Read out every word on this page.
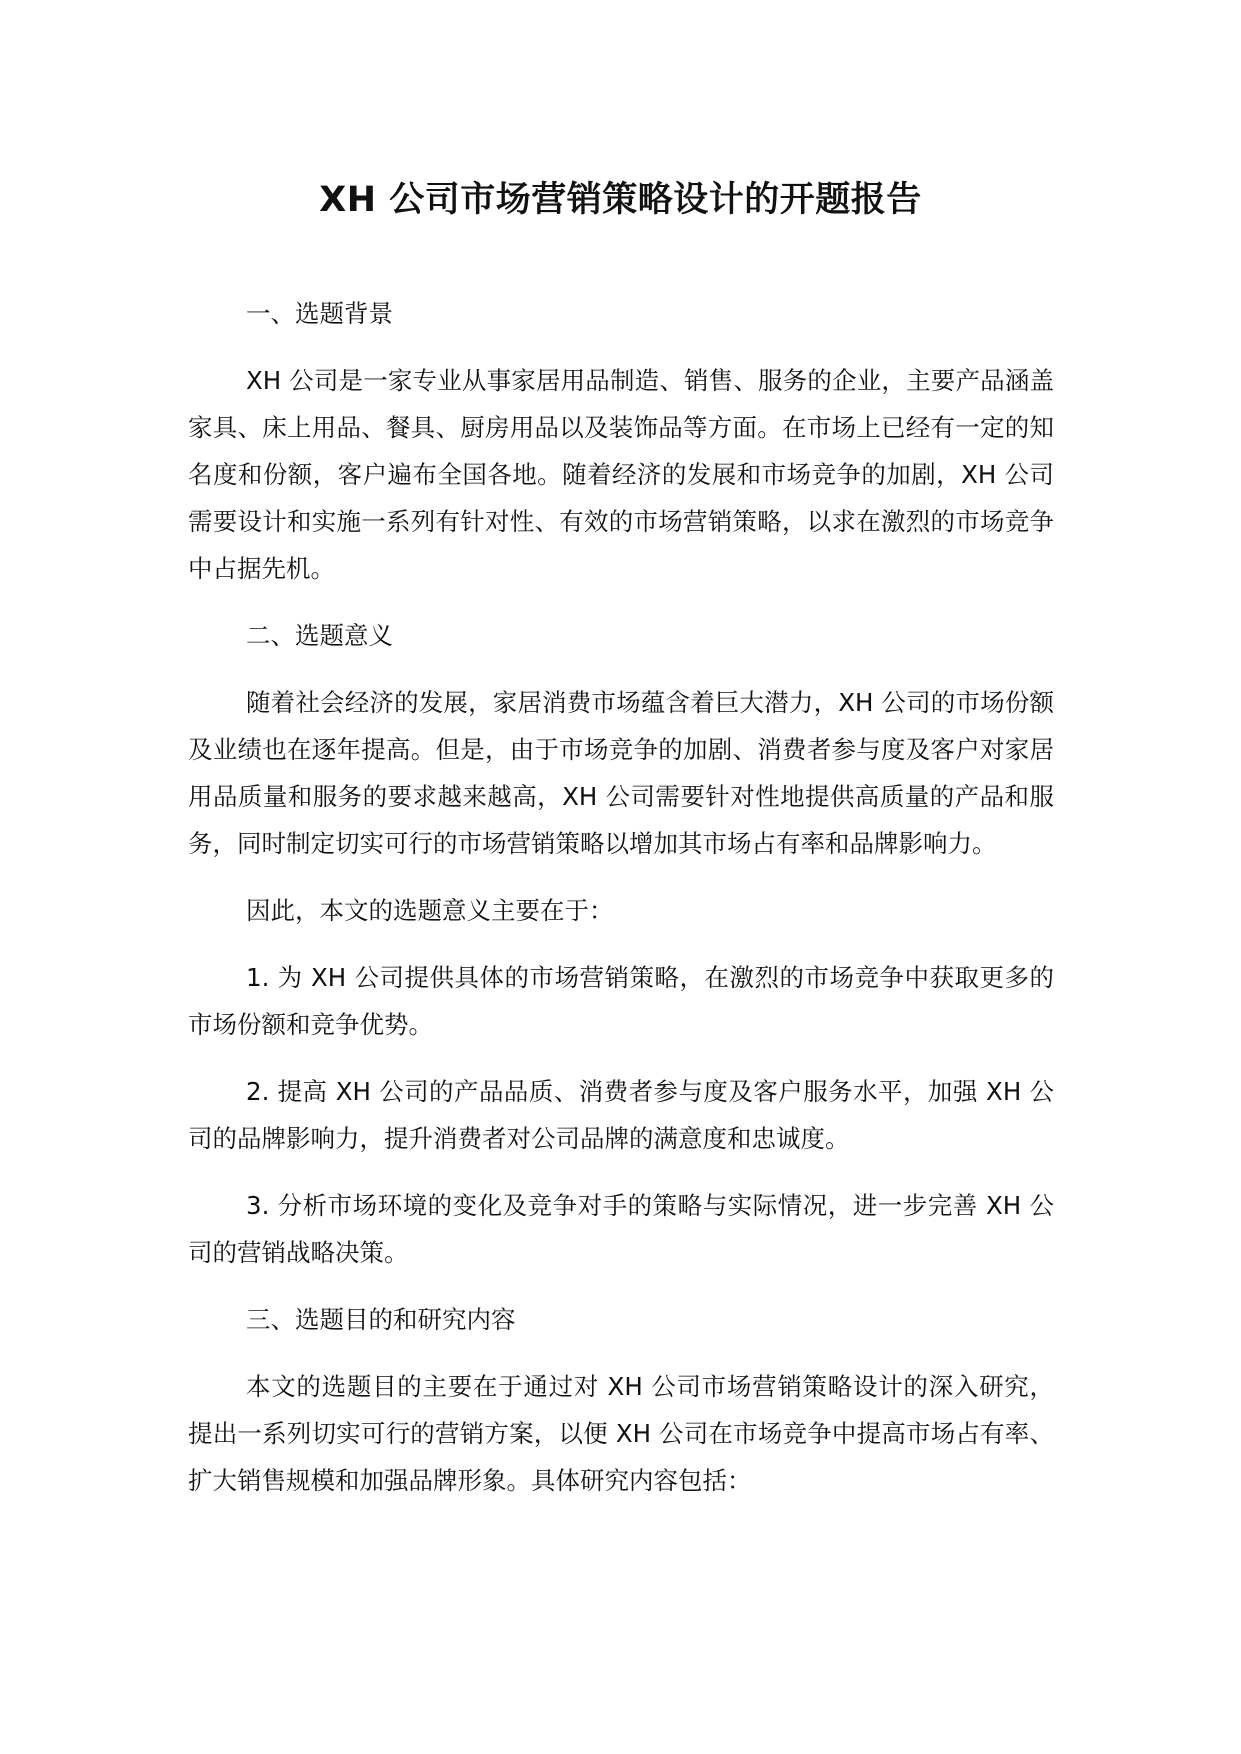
XH 公司市场营销策略设计的开题报告

一、选题背景

XH 公司是一家专业从事家居用品制造、销售、服务的企业，主要产品涵盖家具、床上用品、餐具、厨房用品以及装饰品等方面。在市场上已经有一定的知名度和份额，客户遍布全国各地。随着经济的发展和市场竞争的加剧，XH 公司需要设计和实施一系列有针对性、有效的市场营销策略，以求在激烈的市场竞争中占据先机。

二、选题意义

随着社会经济的发展，家居消费市场蕴含着巨大潜力，XH 公司的市场份额及业绩也在逐年提高。但是，由于市场竞争的加剧、消费者参与度及客户对家居用品质量和服务的要求越来越高，XH 公司需要针对性地提供高质量的产品和服务，同时制定切实可行的市场营销策略以增加其市场占有率和品牌影响力。

因此，本文的选题意义主要在于：

1. 为 XH 公司提供具体的市场营销策略，在激烈的市场竞争中获取更多的市场份额和竞争优势。

2. 提高 XH 公司的产品品质、消费者参与度及客户服务水平，加强 XH 公司的品牌影响力，提升消费者对公司品牌的满意度和忠诚度。

3. 分析市场环境的变化及竞争对手的策略与实际情况，进一步完善 XH 公司的营销战略决策。

三、选题目的和研究内容

本文的选题目的主要在于通过对 XH 公司市场营销策略设计的深入研究，提出一系列切实可行的营销方案，以便 XH 公司在市场竞争中提高市场占有率、扩大销售规模和加强品牌形象。具体研究内容包括：
